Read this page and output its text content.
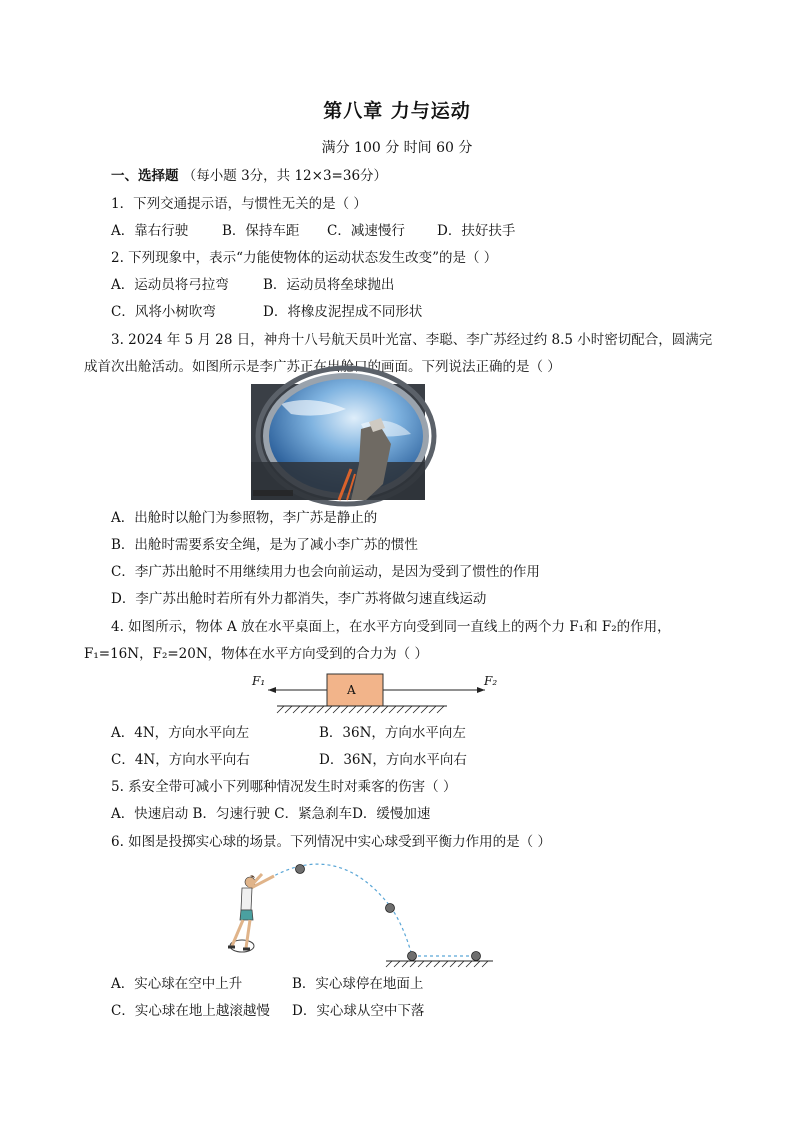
第八章 力与运动
满分 100 分 时间 60 分
一、选择题 （每小题 3分，共 12×3=36分）
1．下列交通提示语，与惯性无关的是（ ）
A．靠右行驶	B．保持车距 C．减速慢行 D．扶好扶手
2. 下列现象中，表示“力能使物体的运动状态发生改变”的是（ ）
A．运动员将弓拉弯	B．运动员将垒球抛出
C．风将小树吹弯	D．将橡皮泥捏成不同形状
3. 2024 年 5 月 28 日，神舟十八号航天员叶光富、李聪、李广苏经过约 8.5 小时密切配合，圆满完
成首次出舱活动。如图所示是李广苏正在出舱口的画面。下列说法正确的是（ ）
A．出舱时以舱门为参照物，李广苏是静止的
B．出舱时需要系安全绳，是为了减小李广苏的惯性
C．李广苏出舱时不用继续用力也会向前运动，是因为受到了惯性的作用
D．李广苏出舱时若所有外力都消失，李广苏将做匀速直线运动
4. 如图所示，物体 A 放在水平桌面上，在水平方向受到同一直线上的两个力 F₁和 F₂的作用，
F₁=16N，F₂=20N，物体在水平方向受到的合力为（ ）
F₁	F₂
A
A．4N，方向水平向左	B．36N，方向水平向左
C．4N，方向水平向右	D．36N，方向水平向右
5. 系安全带可减小下列哪种情况发生时对乘客的伤害（ ）
A．快速启动 B．匀速行驶 C．紧急刹车D．缓慢加速
6. 如图是投掷实心球的场景。下列情况中实心球受到平衡力作用的是（ ）
A．实心球在空中上升	B．实心球停在地面上
C．实心球在地上越滚越慢 D．实心球从空中下落
